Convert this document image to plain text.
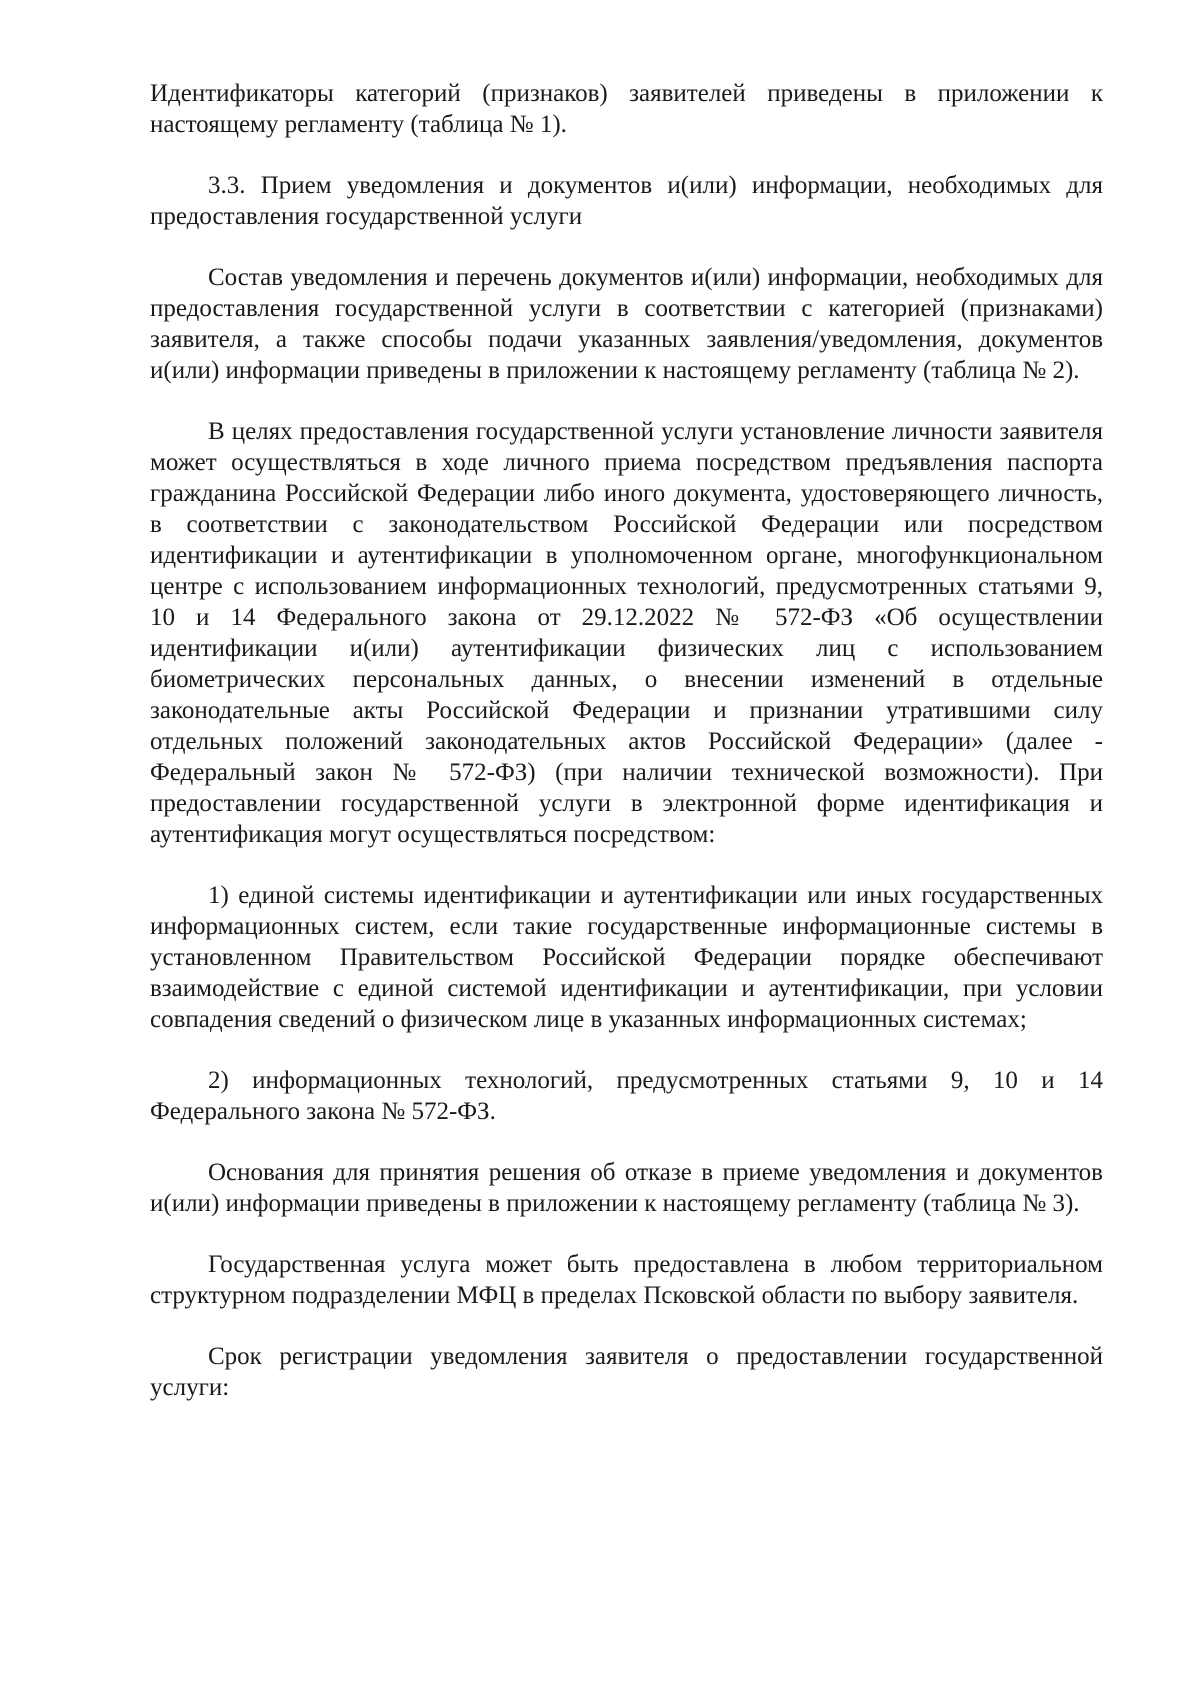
Идентификаторы категорий (признаков) заявителей приведены в приложении к настоящему регламенту (таблица № 1).

3.3. Прием уведомления и документов и(или) информации, необходимых для предоставления государственной услуги

Состав уведомления и перечень документов и(или) информации, необходимых для предоставления государственной услуги в соответствии с категорией (признаками) заявителя, а также способы подачи указанных заявления/уведомления, документов и(или) информации приведены в приложении к настоящему регламенту (таблица № 2).

В целях предоставления государственной услуги установление личности заявителя может осуществляться в ходе личного приема посредством предъявления паспорта гражданина Российской Федерации либо иного документа, удостоверяющего личность, в соответствии с законодательством Российской Федерации или посредством идентификации и аутентификации в уполномоченном органе, многофункциональном центре с использованием информационных технологий, предусмотренных статьями 9, 10 и 14 Федерального закона от 29.12.2022 № 572-ФЗ «Об осуществлении идентификации и(или) аутентификации физических лиц с использованием биометрических персональных данных, о внесении изменений в отдельные законодательные акты Российской Федерации и признании утратившими силу отдельных положений законодательных актов Российской Федерации» (далее - Федеральный закон № 572-ФЗ) (при наличии технической возможности). При предоставлении государственной услуги в электронной форме идентификация и аутентификация могут осуществляться посредством:

1) единой системы идентификации и аутентификации или иных государственных информационных систем, если такие государственные информационные системы в установленном Правительством Российской Федерации порядке обеспечивают взаимодействие с единой системой идентификации и аутентификации, при условии совпадения сведений о физическом лице в указанных информационных системах;

2) информационных технологий, предусмотренных статьями 9, 10 и 14 Федерального закона № 572-ФЗ.

Основания для принятия решения об отказе в приеме уведомления и документов и(или) информации приведены в приложении к настоящему регламенту (таблица № 3).

Государственная услуга может быть предоставлена в любом территориальном структурном подразделении МФЦ в пределах Псковской области по выбору заявителя.

Срок регистрации уведомления заявителя о предоставлении государственной услуги:
